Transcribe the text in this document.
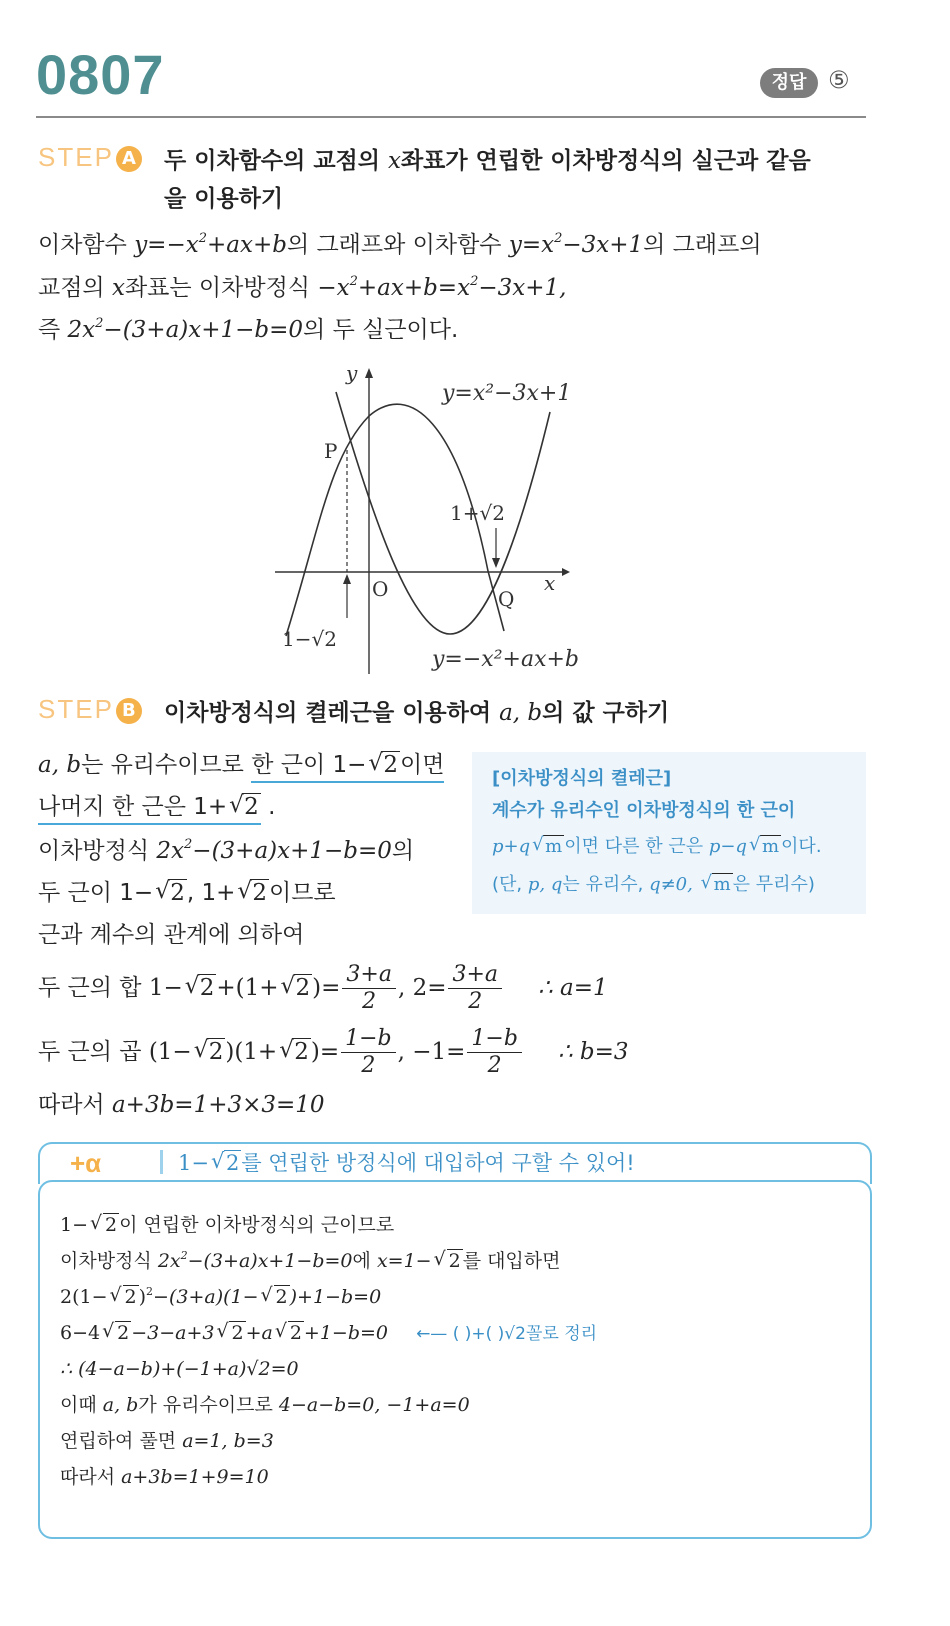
0807	정답 ⑤
STEP A 두 이차함수의 교점의 x좌표가 연립한 이차방정식의 실근과 같음
을 이용하기
이차함수 $y=-x^2+ax+b$의 그래프와 이차함수 $y=x^2-3x+1$의 그래프의
교점의 x좌표는 이차방정식 $-x^2+ax+b=x^2-3x+1$,
즉 $2x^2-(3+a)x+1-b=0$의 두 실근이다.
y
x
O
P
Q
y=x²−3x+1
y=−x²+ax+b
1−√2
1+√2
STEP B 이차방정식의 켤레근을 이용하여 a, b의 값 구하기
[이차방정식의 켤레근]
계수가 유리수인 이차방정식의 한 근이
p+q √ m 이면 다른 한 근은 p−q √ m 이다.
(단, p, q는 유리수, q≠0, √ m 은 무리수)
a, b는 유리수이므로 한 근이 1− √ 2이면
나머지 한 근은 1+ √ 2 .
이차방정식 $2x^2-(3+a)x+1-b=0$의
두 근이 1− √ 2, 1+ √ 2이므로
근과 계수의 관계에 의하여
두 근의 합 1− √ 2+(1+ √ $2)= \frac{3+a}{2}$ , $2= \frac{3+a}{2}$ ∴ a=1
두 근의 곱 (1− √ 2)(1+ √ $2)= \frac{1-b}{2}$ , $-1= \frac{1-b}{2}$ ∴ b=3
따라서 a+3b=1+3×3=10
+α	1− √ 2를 연립한 방정식에 대입하여 구할 수 있어!
1− √ 2 이 연립한 이차방정식의 근이므로
이차방정식 $2x^2-(3+a)x+1-b=0$에 x=1− √ 2 를 대입하면
2(1− √ 2 )$^2$−(3+a)(1− √ 2 )+1−b=0
6−4 √ 2 −3−a+3 √ 2 +a √ 2 +1−b=0 ←— ( )+( )√2꼴로 정리
∴ (4−a−b)+(−1+a)√2=0
이때 a, b가 유리수이므로 4−a−b=0, −1+a=0
연립하여 풀면 a=1, b=3
따라서 a+3b=1+9=10
